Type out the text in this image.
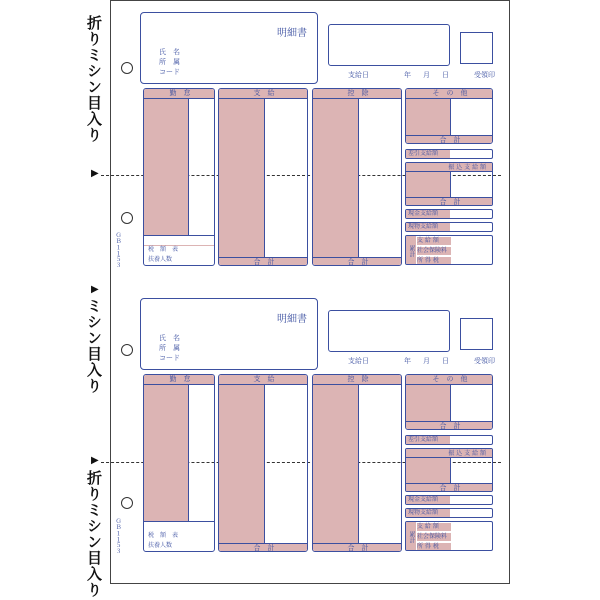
折りミシン目入り
▶
▶
ミシン目入り
▶
折りミシン目入り
ＧＢ１１５３
明細書
氏　名
所　属
コード	支給日	年 月 日	受領印
勤　怠
税　額　表
扶養人数
支　給
合　計
控　除
合　計
そ　の　他
合　計
差引支給額
振 込 支 給 額
合　計
現金支給額
現物支給額
累計
支 給 額
社会保険料
所 得 税
ＧＢ１１５３
明細書
氏　名
所　属
コード	支給日	年 月 日	受領印
勤　怠
税　額　表
扶養人数
支　給
合　計
控　除
合　計
そ　の　他
合　計
差引支給額
振 込 支 給 額
合　計
現金支給額
現物支給額
累計
支 給 額
社会保険料
所 得 税
